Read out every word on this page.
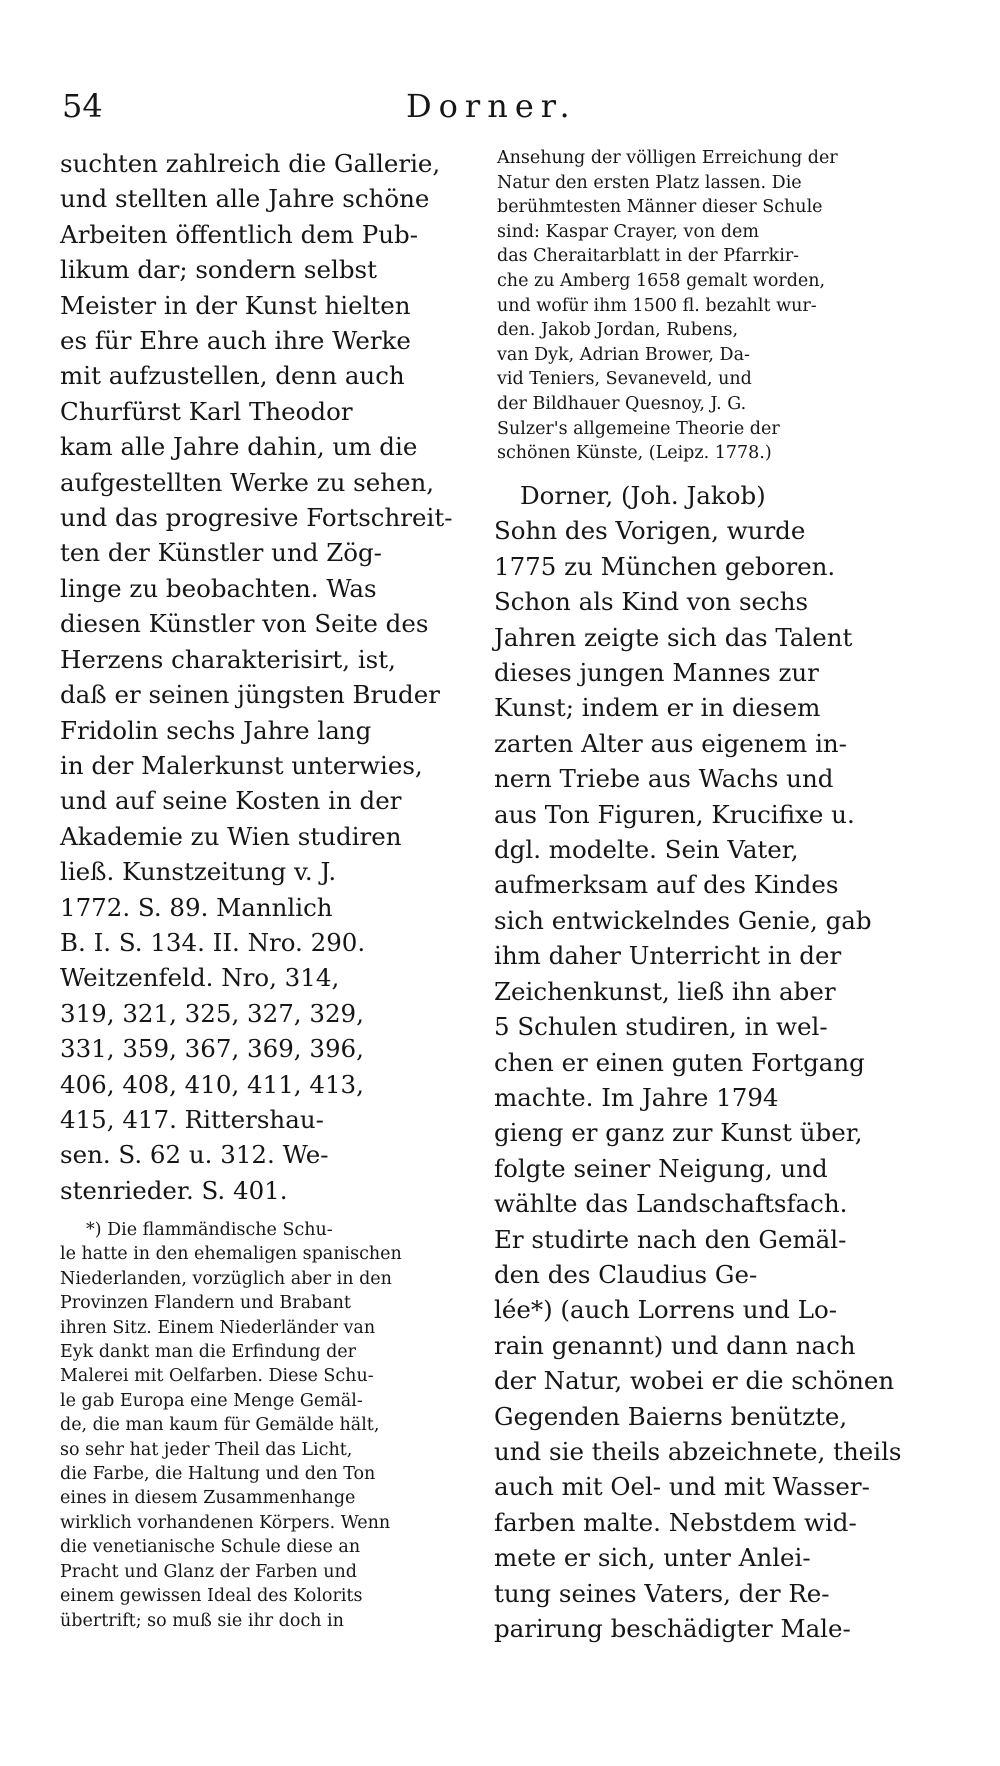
54	Dorner.
suchten zahlreich die Gallerie,
und stellten alle Jahre schöne
Arbeiten öffentlich dem Pub-
likum dar; sondern selbst
Meister in der Kunst hielten
es für Ehre auch ihre Werke
mit aufzustellen, denn auch
Churfürst Karl Theodor
kam alle Jahre dahin, um die
aufgestellten Werke zu sehen,
und das progresive Fortschreit-
ten der Künstler und Zög-
linge zu beobachten. Was
diesen Künstler von Seite des
Herzens charakterisirt, ist,
daß er seinen jüngsten Bruder
Fridolin sechs Jahre lang
in der Malerkunst unterwies,
und auf seine Kosten in der
Akademie zu Wien studiren
ließ. Kunstzeitung v. J.
1772. S. 89. Mannlich
B. I. S. 134. II. Nro. 290.
Weitzenfeld. Nro, 314,
319, 321, 325, 327, 329,
331, 359, 367, 369, 396,
406, 408, 410, 411, 413,
415, 417. Rittershau-
sen. S. 62 u. 312. We-
stenrieder. S. 401.
*) Die flammändische Schu-
le hatte in den ehemaligen spanischen
Niederlanden, vorzüglich aber in den
Provinzen Flandern und Brabant
ihren Sitz. Einem Niederländer van
Eyk dankt man die Erfindung der
Malerei mit Oelfarben. Diese Schu-
le gab Europa eine Menge Gemäl-
de, die man kaum für Gemälde hält,
so sehr hat jeder Theil das Licht,
die Farbe, die Haltung und den Ton
eines in diesem Zusammenhange
wirklich vorhandenen Körpers. Wenn
die venetianische Schule diese an
Pracht und Glanz der Farben und
einem gewissen Ideal des Kolorits
übertrift; so muß sie ihr doch in
Ansehung der völligen Erreichung der
Natur den ersten Platz lassen. Die
berühmtesten Männer dieser Schule
sind: Kaspar Crayer, von dem
das Cheraitarblatt in der Pfarrkir-
che zu Amberg 1658 gemalt worden,
und wofür ihm 1500 fl. bezahlt wur-
den. Jakob Jordan, Rubens,
van Dyk, Adrian Brower, Da-
vid Teniers, Sevaneveld, und
der Bildhauer Quesnoy, J. G.
Sulzer's allgemeine Theorie der
schönen Künste, (Leipz. 1778.)
Dorner, (Joh. Jakob)
Sohn des Vorigen, wurde
1775 zu München geboren.
Schon als Kind von sechs
Jahren zeigte sich das Talent
dieses jungen Mannes zur
Kunst; indem er in diesem
zarten Alter aus eigenem in-
nern Triebe aus Wachs und
aus Ton Figuren, Krucifixe u.
dgl. modelte. Sein Vater,
aufmerksam auf des Kindes
sich entwickelndes Genie, gab
ihm daher Unterricht in der
Zeichenkunst, ließ ihn aber
5 Schulen studiren, in wel-
chen er einen guten Fortgang
machte. Im Jahre 1794
gieng er ganz zur Kunst über,
folgte seiner Neigung, und
wählte das Landschaftsfach.
Er studirte nach den Gemäl-
den des Claudius Ge-
lée*) (auch Lorrens und Lo-
rain genannt) und dann nach
der Natur, wobei er die schönen
Gegenden Baierns benützte,
und sie theils abzeichnete, theils
auch mit Oel- und mit Wasser-
farben malte. Nebstdem wid-
mete er sich, unter Anlei-
tung seines Vaters, der Re-
parirung beschädigter Male-
